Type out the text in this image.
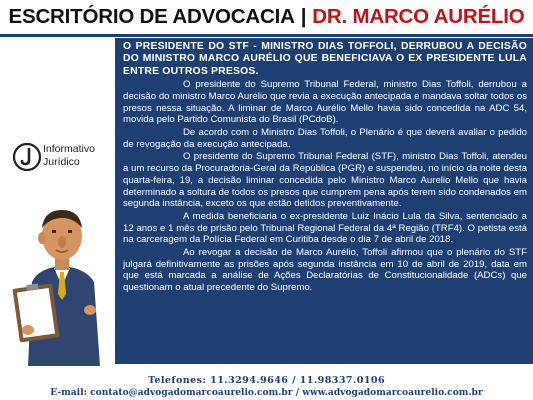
ESCRITÓRIO DE ADVOCACIA | DR. MARCO AURÉLIO
Informativo
Jurídico

O PRESIDENTE DO STF - MINISTRO DIAS TOFFOLI, DERRUBOU A DECISÃO DO MINISTRO MARCO AURÉLIO QUE BENEFICIAVA O EX PRESIDENTE LULA ENTRE OUTROS PRESOS.

O presidente do Supremo Tribunal Federal, ministro Dias Toffoli, derrubou a decisão do ministro Marco Aurélio que revia a execução antecipada e mandava soltar todos os presos nessa situação. A liminar de Marco Aurélio Mello havia sido concedida na ADC 54, movida pelo Partido Comunista do Brasil (PCdoB).

De acordo com o Ministro Dias Toffoli, o Plenário é que deverá avaliar o pedido de revogação da execução antecipada.

O presidente do Supremo Tribunal Federal (STF), ministro Dias Toffoli, atendeu a um recurso da Procuradoria-Geral da República (PGR) e suspendeu, no início da noite desta quarta-feira, 19, a decisão liminar concedida pelo Ministro Marco Aurelio Mello que havia determinado a soltura de todos os presos que cumprem pena após terem sido condenados em segunda instância, exceto os que estão detidos preventivamente.

A medida beneficiaria o ex-presidente Luiz Inácio Lula da Silva, sentenciado a 12 anos e 1 mês de prisão pelo Tribunal Regional Federal da 4ª Região (TRF4). O petista está na carceragem da Polícia Federal em Curitiba desde o dia 7 de abril de 2018.

Ao revogar a decisão de Marco Aurélio, Toffoli afirmou que o plenário do STF julgará definitivamente as prisões após segunda instância em 10 de abril de 2019, data em que está marcada a análise de Ações Declaratórias de Constitucionalidade (ADCs) que questionam o atual precedente do Supremo.

Telefones: 11.3294.9646 / 11.98337.0106
E-mail: contato@advogadomarcoaurelio.com.br / www.advogadomarcoaurelio.com.br
